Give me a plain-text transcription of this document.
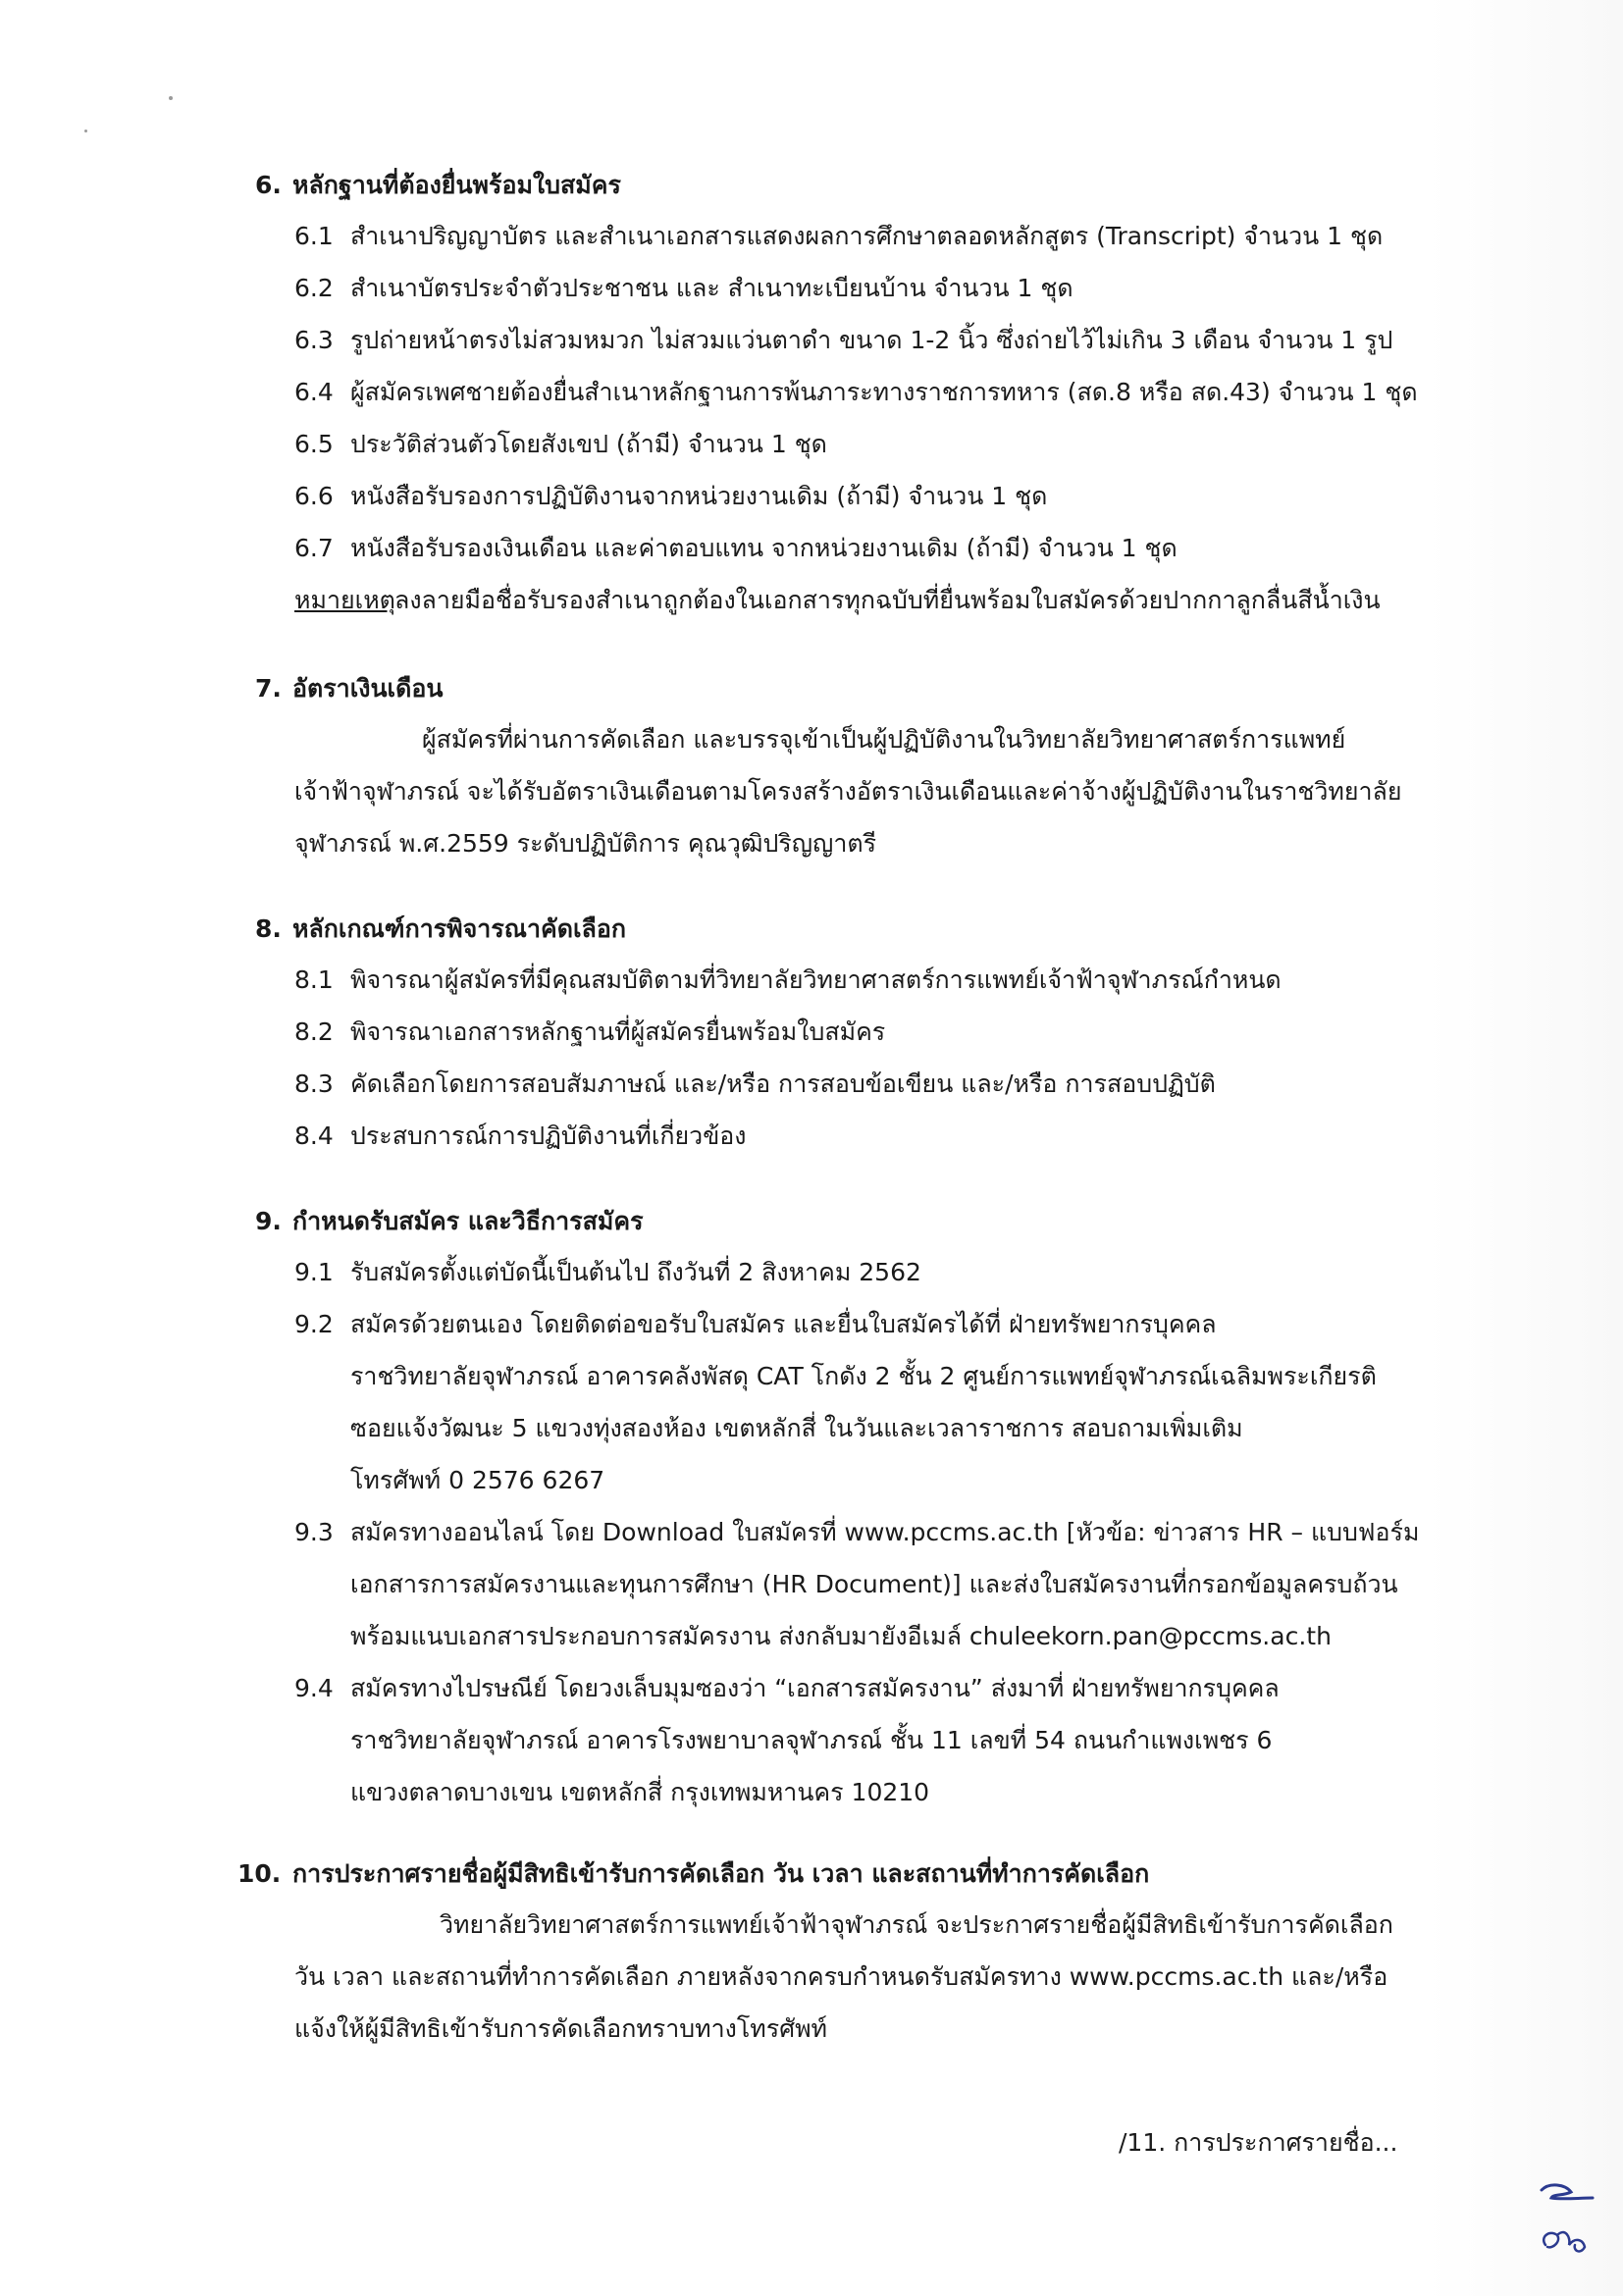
6. หลักฐานที่ต้องยื่นพร้อมใบสมัคร
6.1 สำเนาปริญญาบัตร และสำเนาเอกสารแสดงผลการศึกษาตลอดหลักสูตร (Transcript) จำนวน 1 ชุด
6.2 สำเนาบัตรประจำตัวประชาชน และ สำเนาทะเบียนบ้าน จำนวน 1 ชุด
6.3 รูปถ่ายหน้าตรงไม่สวมหมวก ไม่สวมแว่นตาดำ ขนาด 1-2 นิ้ว ซึ่งถ่ายไว้ไม่เกิน 3 เดือน จำนวน 1 รูป
6.4 ผู้สมัครเพศชายต้องยื่นสำเนาหลักฐานการพ้นภาระทางราชการทหาร (สด.8 หรือ สด.43) จำนวน 1 ชุด
6.5 ประวัติส่วนตัวโดยสังเขป (ถ้ามี) จำนวน 1 ชุด
6.6 หนังสือรับรองการปฏิบัติงานจากหน่วยงานเดิม (ถ้ามี) จำนวน 1 ชุด
6.7 หนังสือรับรองเงินเดือน และค่าตอบแทน จากหน่วยงานเดิม (ถ้ามี) จำนวน 1 ชุด
หมายเหตุ ลงลายมือชื่อรับรองสำเนาถูกต้องในเอกสารทุกฉบับที่ยื่นพร้อมใบสมัครด้วยปากกาลูกลื่นสีน้ำเงิน
7. อัตราเงินเดือน
ผู้สมัครที่ผ่านการคัดเลือก และบรรจุเข้าเป็นผู้ปฏิบัติงานในวิทยาลัยวิทยาศาสตร์การแพทย์
เจ้าฟ้าจุฬาภรณ์ จะได้รับอัตราเงินเดือนตามโครงสร้างอัตราเงินเดือนและค่าจ้างผู้ปฏิบัติงานในราชวิทยาลัย
จุฬาภรณ์ พ.ศ.2559 ระดับปฏิบัติการ คุณวุฒิปริญญาตรี
8. หลักเกณฑ์การพิจารณาคัดเลือก
8.1 พิจารณาผู้สมัครที่มีคุณสมบัติตามที่วิทยาลัยวิทยาศาสตร์การแพทย์เจ้าฟ้าจุฬาภรณ์กำหนด
8.2 พิจารณาเอกสารหลักฐานที่ผู้สมัครยื่นพร้อมใบสมัคร
8.3 คัดเลือกโดยการสอบสัมภาษณ์ และ/หรือ การสอบข้อเขียน และ/หรือ การสอบปฏิบัติ
8.4 ประสบการณ์การปฏิบัติงานที่เกี่ยวข้อง
9. กำหนดรับสมัคร และวิธีการสมัคร
9.1 รับสมัครตั้งแต่บัดนี้เป็นต้นไป ถึงวันที่ 2 สิงหาคม 2562
9.2 สมัครด้วยตนเอง โดยติดต่อขอรับใบสมัคร และยื่นใบสมัครได้ที่ ฝ่ายทรัพยากรบุคคล
ราชวิทยาลัยจุฬาภรณ์ อาคารคลังพัสดุ CAT โกดัง 2 ชั้น 2 ศูนย์การแพทย์จุฬาภรณ์เฉลิมพระเกียรติ
ซอยแจ้งวัฒนะ 5 แขวงทุ่งสองห้อง เขตหลักสี่ ในวันและเวลาราชการ สอบถามเพิ่มเติม
โทรศัพท์ 0 2576 6267
9.3 สมัครทางออนไลน์ โดย Download ใบสมัครที่ www.pccms.ac.th [หัวข้อ: ข่าวสาร HR – แบบฟอร์ม
เอกสารการสมัครงานและทุนการศึกษา (HR Document)] และส่งใบสมัครงานที่กรอกข้อมูลครบถ้วน
พร้อมแนบเอกสารประกอบการสมัครงาน ส่งกลับมายังอีเมล์ chuleekorn.pan@pccms.ac.th
9.4 สมัครทางไปรษณีย์ โดยวงเล็บมุมซองว่า “เอกสารสมัครงาน” ส่งมาที่ ฝ่ายทรัพยากรบุคคล
ราชวิทยาลัยจุฬาภรณ์ อาคารโรงพยาบาลจุฬาภรณ์ ชั้น 11 เลขที่ 54 ถนนกำแพงเพชร 6
แขวงตลาดบางเขน เขตหลักสี่ กรุงเทพมหานคร 10210
10. การประกาศรายชื่อผู้มีสิทธิเข้ารับการคัดเลือก วัน เวลา และสถานที่ทำการคัดเลือก
วิทยาลัยวิทยาศาสตร์การแพทย์เจ้าฟ้าจุฬาภรณ์ จะประกาศรายชื่อผู้มีสิทธิเข้ารับการคัดเลือก
วัน เวลา และสถานที่ทำการคัดเลือก ภายหลังจากครบกำหนดรับสมัครทาง www.pccms.ac.th และ/หรือ
แจ้งให้ผู้มีสิทธิเข้ารับการคัดเลือกทราบทางโทรศัพท์
/11. การประกาศรายชื่อ...
